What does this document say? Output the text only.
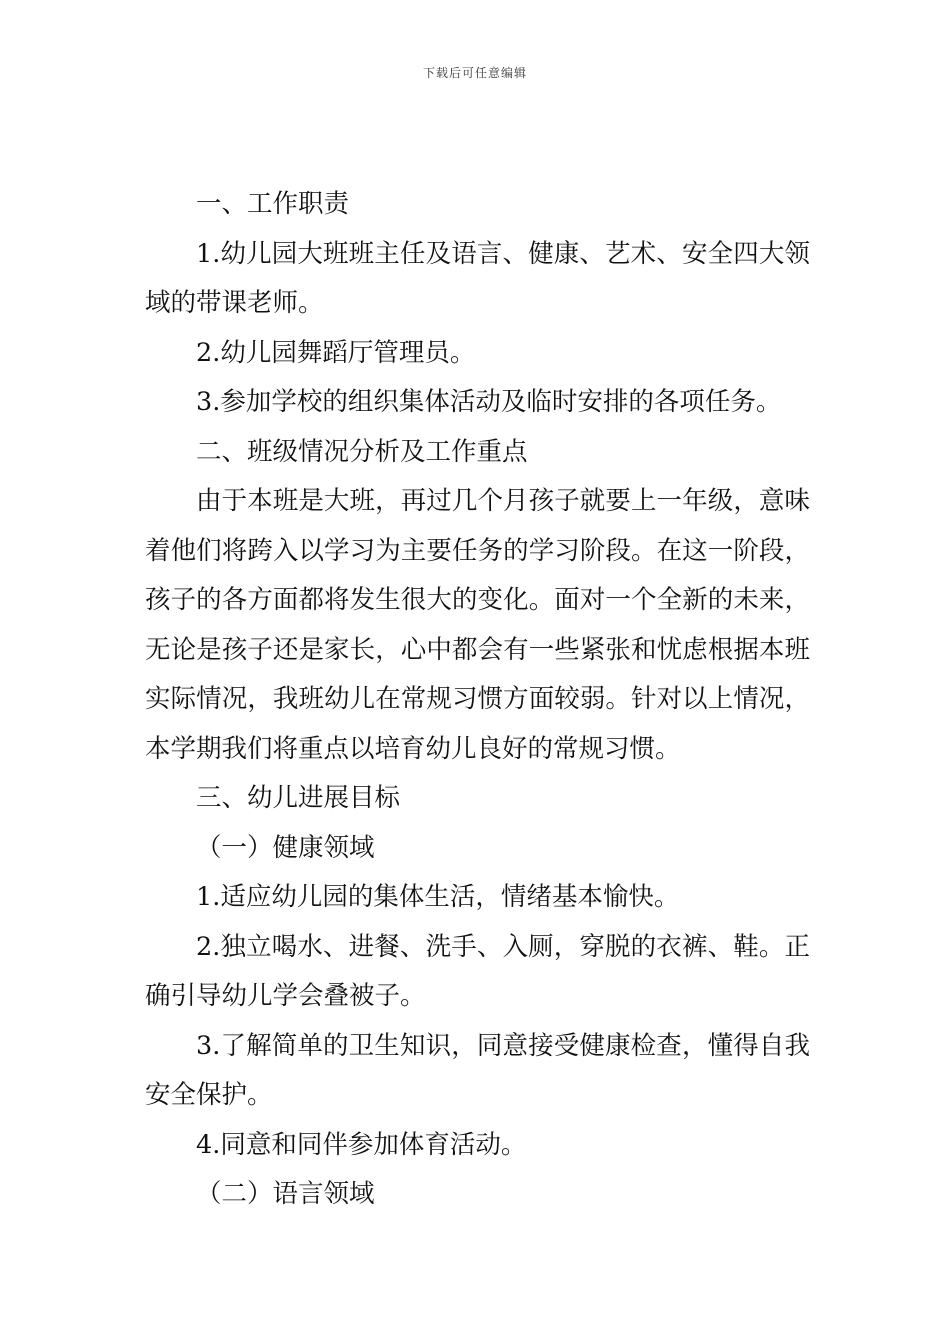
下载后可任意编辑

一、工作职责

1.幼儿园大班班主任及语言、健康、艺术、安全四大领域的带课老师。

2.幼儿园舞蹈厅管理员。

3.参加学校的组织集体活动及临时安排的各项任务。

二、班级情况分析及工作重点

由于本班是大班，再过几个月孩子就要上一年级，意味着他们将跨入以学习为主要任务的学习阶段。在这一阶段，孩子的各方面都将发生很大的变化。面对一个全新的未来，无论是孩子还是家长，心中都会有一些紧张和忧虑根据本班实际情况，我班幼儿在常规习惯方面较弱。针对以上情况，本学期我们将重点以培育幼儿良好的常规习惯。

三、幼儿进展目标

（一）健康领域

1.适应幼儿园的集体生活，情绪基本愉快。

2.独立喝水、进餐、洗手、入厕，穿脱的衣裤、鞋。正确引导幼儿学会叠被子。

3.了解简单的卫生知识，同意接受健康检查，懂得自我安全保护。

4.同意和同伴参加体育活动。

（二）语言领域
